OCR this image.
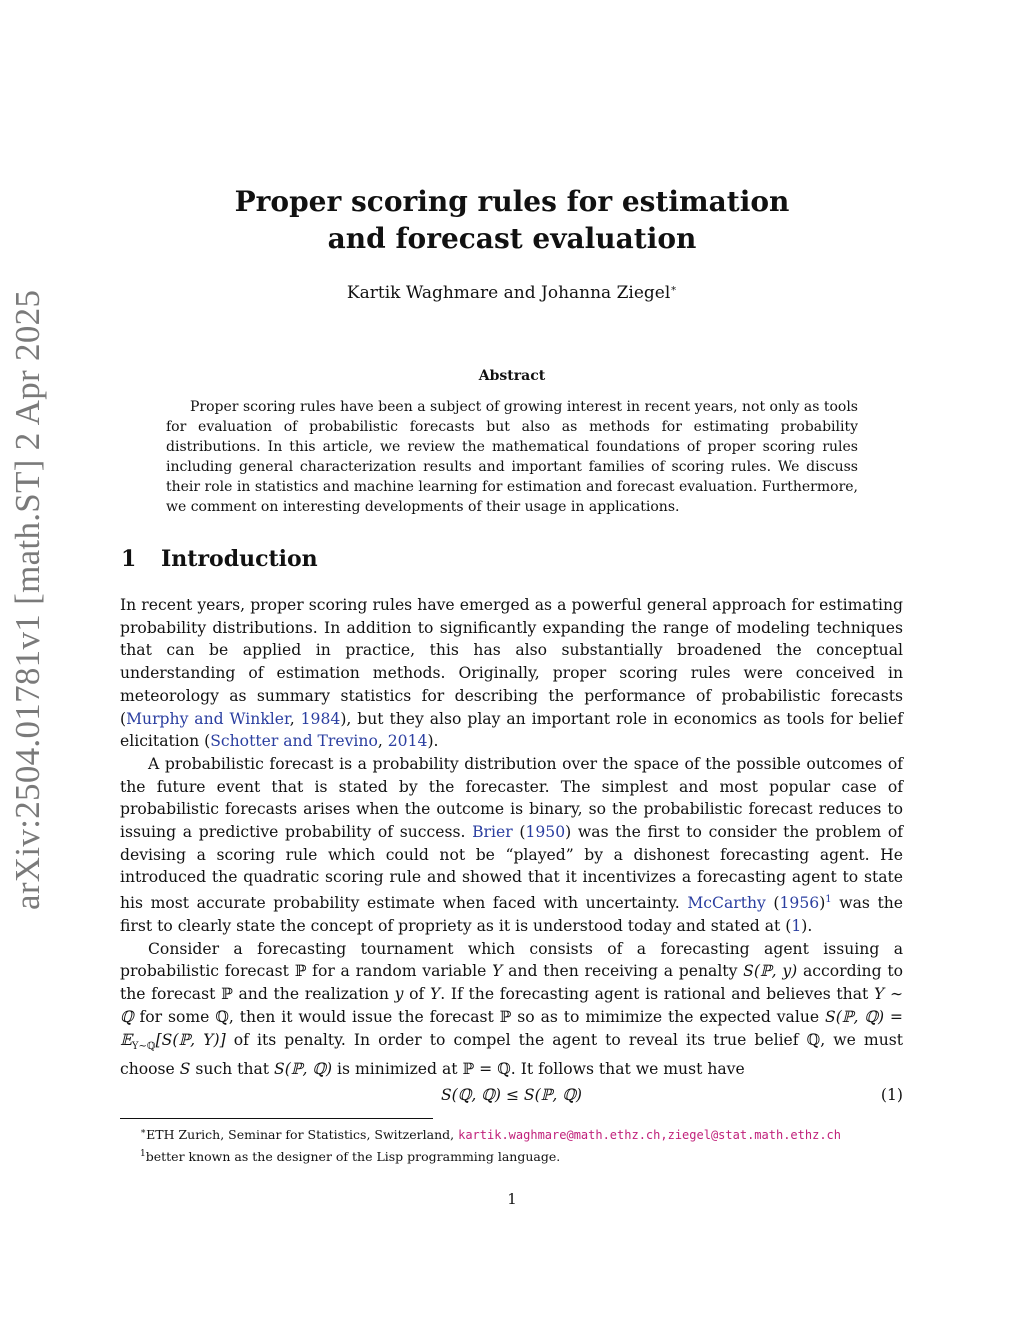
arXiv:2504.01781v1 [math.ST] 2 Apr 2025
Proper scoring rules for estimation
and forecast evaluation
Kartik Waghmare and Johanna Ziegel∗
Abstract
Proper scoring rules have been a subject of growing interest in recent years, not only as tools for evaluation of probabilistic forecasts but also as methods for estimating probability distributions. In this article, we review the mathematical foundations of proper scoring rules including general characterization results and important families of scoring rules. We discuss their role in statistics and machine learning for estimation and forecast evaluation. Furthermore, we comment on interesting developments of their usage in applications.
1 Introduction

In recent years, proper scoring rules have emerged as a powerful general approach for estimating probability distributions. In addition to significantly expanding the range of modeling techniques that can be applied in practice, this has also substantially broadened the conceptual understanding of estimation methods. Originally, proper scoring rules were conceived in meteorology as summary statistics for describing the performance of probabilistic forecasts (Murphy and Winkler, 1984), but they also play an important role in economics as tools for belief elicitation (Schotter and Trevino, 2014).

A probabilistic forecast is a probability distribution over the space of the possible outcomes of the future event that is stated by the forecaster. The simplest and most popular case of probabilistic forecasts arises when the outcome is binary, so the probabilistic forecast reduces to issuing a predictive probability of success. Brier (1950) was the first to consider the problem of devising a scoring rule which could not be “played” by a dishonest forecasting agent. He introduced the quadratic scoring rule and showed that it incentivizes a forecasting agent to state his most accurate probability estimate when faced with uncertainty. McCarthy $(1956)^1$ was the first to clearly state the concept of propriety as it is understood today and stated at (1).

Consider a forecasting tournament which consists of a forecasting agent issuing a probabilistic forecast ℙ for a random variable Y and then receiving a penalty S(ℙ, y) according to the forecast ℙ and the realization y of Y. If the forecasting agent is rational and believes that Y ∼ ℚ for some ℚ, then it would issue the forecast ℙ so as to mimimize the expected value S(ℙ, ℚ) = 𝔼$_{Y\sim ℚ}$[S(ℙ, Y)] of its penalty. In order to compel the agent to reveal its true belief ℚ, we must choose S such that S(ℙ, ℚ) is minimized at ℙ = ℚ. It follows that we must have

S(ℚ, ℚ) ≤ S(ℙ, ℚ)	(1)
∗ETH Zurich, Seminar for Statistics, Switzerland, kartik.waghmare@math.ethz.ch,ziegel@stat.math.ethz.ch
$^1$better known as the designer of the Lisp programming language.
1
